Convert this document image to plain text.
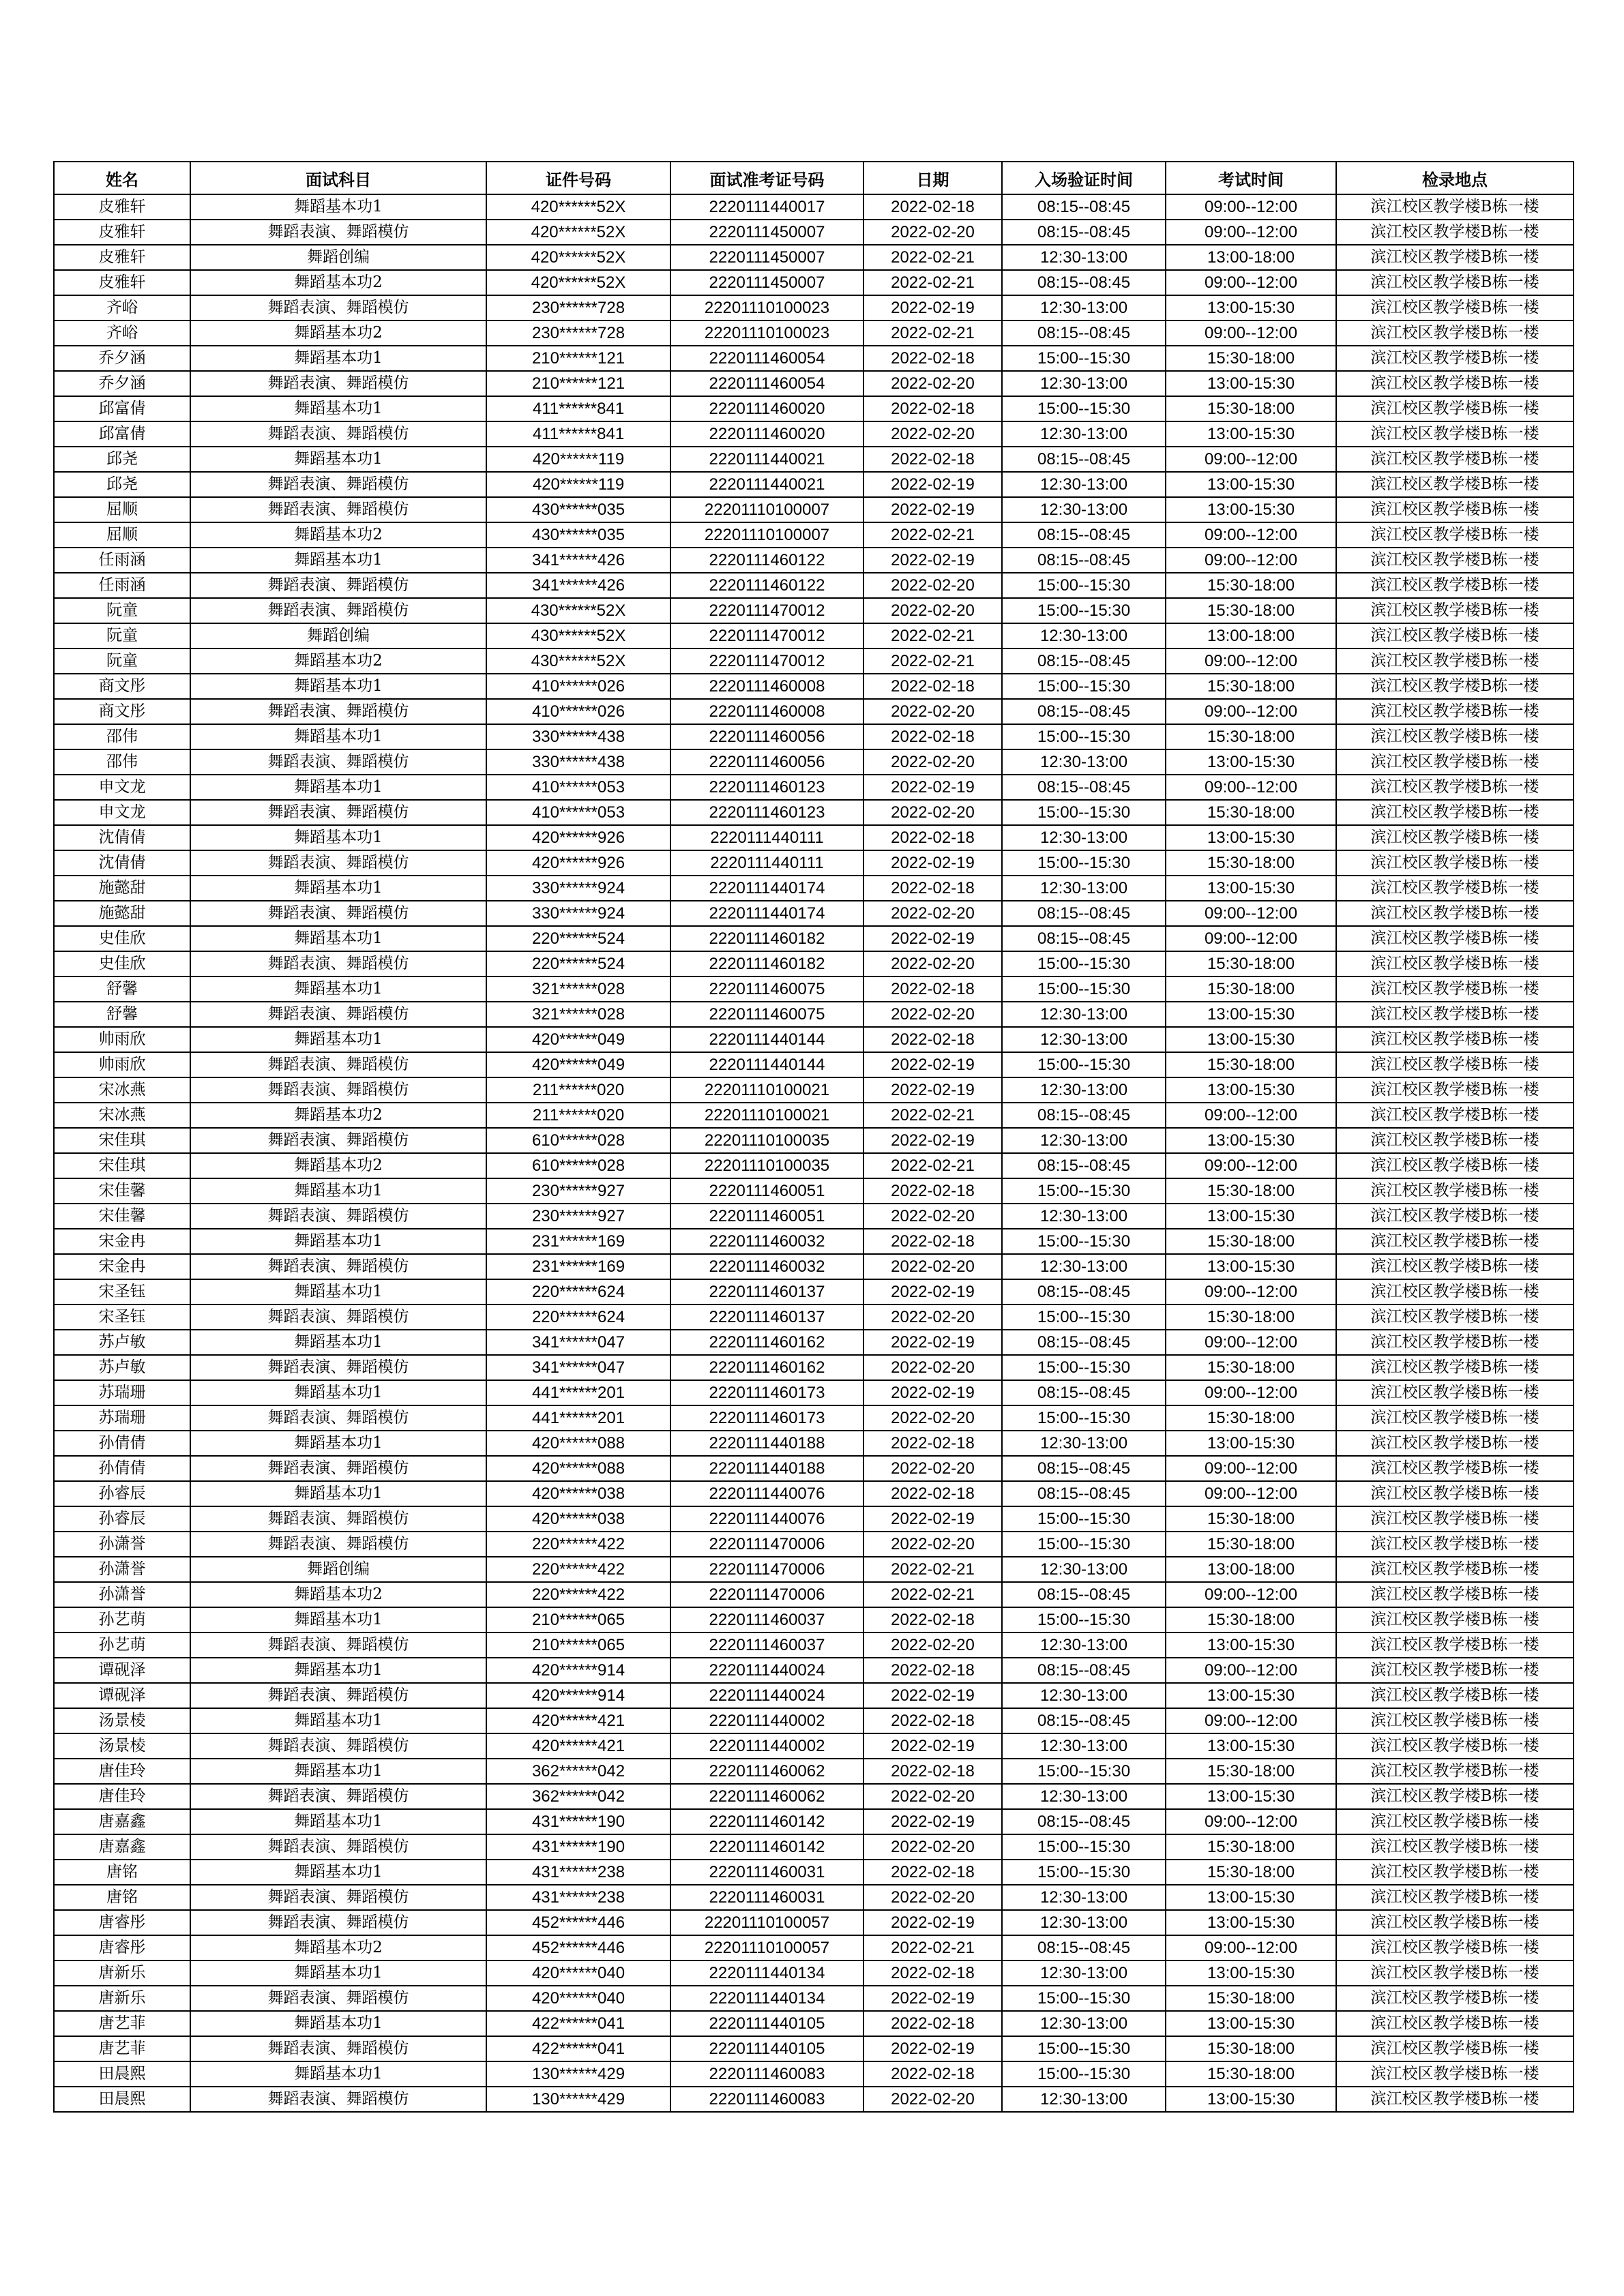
姓名	面试科目	证件号码	面试准考证号码	日期	入场验证时间	考试时间	检录地点
皮雅轩	舞蹈基本功1	420******52X	2220111440017	2022-02-18	08:15--08:45	09:00--12:00	滨江校区教学楼B栋一楼
皮雅轩	舞蹈表演、舞蹈模仿	420******52X	2220111450007	2022-02-20	08:15--08:45	09:00--12:00	滨江校区教学楼B栋一楼
皮雅轩	舞蹈创编	420******52X	2220111450007	2022-02-21	12:30-13:00	13:00-18:00	滨江校区教学楼B栋一楼
皮雅轩	舞蹈基本功2	420******52X	2220111450007	2022-02-21	08:15--08:45	09:00--12:00	滨江校区教学楼B栋一楼
齐峪	舞蹈表演、舞蹈模仿	230******728	22201110100023	2022-02-19	12:30-13:00	13:00-15:30	滨江校区教学楼B栋一楼
齐峪	舞蹈基本功2	230******728	22201110100023	2022-02-21	08:15--08:45	09:00--12:00	滨江校区教学楼B栋一楼
乔夕涵	舞蹈基本功1	210******121	2220111460054	2022-02-18	15:00--15:30	15:30-18:00	滨江校区教学楼B栋一楼
乔夕涵	舞蹈表演、舞蹈模仿	210******121	2220111460054	2022-02-20	12:30-13:00	13:00-15:30	滨江校区教学楼B栋一楼
邱富倩	舞蹈基本功1	411******841	2220111460020	2022-02-18	15:00--15:30	15:30-18:00	滨江校区教学楼B栋一楼
邱富倩	舞蹈表演、舞蹈模仿	411******841	2220111460020	2022-02-20	12:30-13:00	13:00-15:30	滨江校区教学楼B栋一楼
邱尧	舞蹈基本功1	420******119	2220111440021	2022-02-18	08:15--08:45	09:00--12:00	滨江校区教学楼B栋一楼
邱尧	舞蹈表演、舞蹈模仿	420******119	2220111440021	2022-02-19	12:30-13:00	13:00-15:30	滨江校区教学楼B栋一楼
屈顺	舞蹈表演、舞蹈模仿	430******035	22201110100007	2022-02-19	12:30-13:00	13:00-15:30	滨江校区教学楼B栋一楼
屈顺	舞蹈基本功2	430******035	22201110100007	2022-02-21	08:15--08:45	09:00--12:00	滨江校区教学楼B栋一楼
任雨涵	舞蹈基本功1	341******426	2220111460122	2022-02-19	08:15--08:45	09:00--12:00	滨江校区教学楼B栋一楼
任雨涵	舞蹈表演、舞蹈模仿	341******426	2220111460122	2022-02-20	15:00--15:30	15:30-18:00	滨江校区教学楼B栋一楼
阮童	舞蹈表演、舞蹈模仿	430******52X	2220111470012	2022-02-20	15:00--15:30	15:30-18:00	滨江校区教学楼B栋一楼
阮童	舞蹈创编	430******52X	2220111470012	2022-02-21	12:30-13:00	13:00-18:00	滨江校区教学楼B栋一楼
阮童	舞蹈基本功2	430******52X	2220111470012	2022-02-21	08:15--08:45	09:00--12:00	滨江校区教学楼B栋一楼
商文彤	舞蹈基本功1	410******026	2220111460008	2022-02-18	15:00--15:30	15:30-18:00	滨江校区教学楼B栋一楼
商文彤	舞蹈表演、舞蹈模仿	410******026	2220111460008	2022-02-20	08:15--08:45	09:00--12:00	滨江校区教学楼B栋一楼
邵伟	舞蹈基本功1	330******438	2220111460056	2022-02-18	15:00--15:30	15:30-18:00	滨江校区教学楼B栋一楼
邵伟	舞蹈表演、舞蹈模仿	330******438	2220111460056	2022-02-20	12:30-13:00	13:00-15:30	滨江校区教学楼B栋一楼
申文龙	舞蹈基本功1	410******053	2220111460123	2022-02-19	08:15--08:45	09:00--12:00	滨江校区教学楼B栋一楼
申文龙	舞蹈表演、舞蹈模仿	410******053	2220111460123	2022-02-20	15:00--15:30	15:30-18:00	滨江校区教学楼B栋一楼
沈倩倩	舞蹈基本功1	420******926	2220111440111	2022-02-18	12:30-13:00	13:00-15:30	滨江校区教学楼B栋一楼
沈倩倩	舞蹈表演、舞蹈模仿	420******926	2220111440111	2022-02-19	15:00--15:30	15:30-18:00	滨江校区教学楼B栋一楼
施懿甜	舞蹈基本功1	330******924	2220111440174	2022-02-18	12:30-13:00	13:00-15:30	滨江校区教学楼B栋一楼
施懿甜	舞蹈表演、舞蹈模仿	330******924	2220111440174	2022-02-20	08:15--08:45	09:00--12:00	滨江校区教学楼B栋一楼
史佳欣	舞蹈基本功1	220******524	2220111460182	2022-02-19	08:15--08:45	09:00--12:00	滨江校区教学楼B栋一楼
史佳欣	舞蹈表演、舞蹈模仿	220******524	2220111460182	2022-02-20	15:00--15:30	15:30-18:00	滨江校区教学楼B栋一楼
舒馨	舞蹈基本功1	321******028	2220111460075	2022-02-18	15:00--15:30	15:30-18:00	滨江校区教学楼B栋一楼
舒馨	舞蹈表演、舞蹈模仿	321******028	2220111460075	2022-02-20	12:30-13:00	13:00-15:30	滨江校区教学楼B栋一楼
帅雨欣	舞蹈基本功1	420******049	2220111440144	2022-02-18	12:30-13:00	13:00-15:30	滨江校区教学楼B栋一楼
帅雨欣	舞蹈表演、舞蹈模仿	420******049	2220111440144	2022-02-19	15:00--15:30	15:30-18:00	滨江校区教学楼B栋一楼
宋冰燕	舞蹈表演、舞蹈模仿	211******020	22201110100021	2022-02-19	12:30-13:00	13:00-15:30	滨江校区教学楼B栋一楼
宋冰燕	舞蹈基本功2	211******020	22201110100021	2022-02-21	08:15--08:45	09:00--12:00	滨江校区教学楼B栋一楼
宋佳琪	舞蹈表演、舞蹈模仿	610******028	22201110100035	2022-02-19	12:30-13:00	13:00-15:30	滨江校区教学楼B栋一楼
宋佳琪	舞蹈基本功2	610******028	22201110100035	2022-02-21	08:15--08:45	09:00--12:00	滨江校区教学楼B栋一楼
宋佳馨	舞蹈基本功1	230******927	2220111460051	2022-02-18	15:00--15:30	15:30-18:00	滨江校区教学楼B栋一楼
宋佳馨	舞蹈表演、舞蹈模仿	230******927	2220111460051	2022-02-20	12:30-13:00	13:00-15:30	滨江校区教学楼B栋一楼
宋金冉	舞蹈基本功1	231******169	2220111460032	2022-02-18	15:00--15:30	15:30-18:00	滨江校区教学楼B栋一楼
宋金冉	舞蹈表演、舞蹈模仿	231******169	2220111460032	2022-02-20	12:30-13:00	13:00-15:30	滨江校区教学楼B栋一楼
宋圣钰	舞蹈基本功1	220******624	2220111460137	2022-02-19	08:15--08:45	09:00--12:00	滨江校区教学楼B栋一楼
宋圣钰	舞蹈表演、舞蹈模仿	220******624	2220111460137	2022-02-20	15:00--15:30	15:30-18:00	滨江校区教学楼B栋一楼
苏卢敏	舞蹈基本功1	341******047	2220111460162	2022-02-19	08:15--08:45	09:00--12:00	滨江校区教学楼B栋一楼
苏卢敏	舞蹈表演、舞蹈模仿	341******047	2220111460162	2022-02-20	15:00--15:30	15:30-18:00	滨江校区教学楼B栋一楼
苏瑞珊	舞蹈基本功1	441******201	2220111460173	2022-02-19	08:15--08:45	09:00--12:00	滨江校区教学楼B栋一楼
苏瑞珊	舞蹈表演、舞蹈模仿	441******201	2220111460173	2022-02-20	15:00--15:30	15:30-18:00	滨江校区教学楼B栋一楼
孙倩倩	舞蹈基本功1	420******088	2220111440188	2022-02-18	12:30-13:00	13:00-15:30	滨江校区教学楼B栋一楼
孙倩倩	舞蹈表演、舞蹈模仿	420******088	2220111440188	2022-02-20	08:15--08:45	09:00--12:00	滨江校区教学楼B栋一楼
孙睿辰	舞蹈基本功1	420******038	2220111440076	2022-02-18	08:15--08:45	09:00--12:00	滨江校区教学楼B栋一楼
孙睿辰	舞蹈表演、舞蹈模仿	420******038	2220111440076	2022-02-19	15:00--15:30	15:30-18:00	滨江校区教学楼B栋一楼
孙潇誉	舞蹈表演、舞蹈模仿	220******422	2220111470006	2022-02-20	15:00--15:30	15:30-18:00	滨江校区教学楼B栋一楼
孙潇誉	舞蹈创编	220******422	2220111470006	2022-02-21	12:30-13:00	13:00-18:00	滨江校区教学楼B栋一楼
孙潇誉	舞蹈基本功2	220******422	2220111470006	2022-02-21	08:15--08:45	09:00--12:00	滨江校区教学楼B栋一楼
孙艺萌	舞蹈基本功1	210******065	2220111460037	2022-02-18	15:00--15:30	15:30-18:00	滨江校区教学楼B栋一楼
孙艺萌	舞蹈表演、舞蹈模仿	210******065	2220111460037	2022-02-20	12:30-13:00	13:00-15:30	滨江校区教学楼B栋一楼
谭砚泽	舞蹈基本功1	420******914	2220111440024	2022-02-18	08:15--08:45	09:00--12:00	滨江校区教学楼B栋一楼
谭砚泽	舞蹈表演、舞蹈模仿	420******914	2220111440024	2022-02-19	12:30-13:00	13:00-15:30	滨江校区教学楼B栋一楼
汤景棱	舞蹈基本功1	420******421	2220111440002	2022-02-18	08:15--08:45	09:00--12:00	滨江校区教学楼B栋一楼
汤景棱	舞蹈表演、舞蹈模仿	420******421	2220111440002	2022-02-19	12:30-13:00	13:00-15:30	滨江校区教学楼B栋一楼
唐佳玲	舞蹈基本功1	362******042	2220111460062	2022-02-18	15:00--15:30	15:30-18:00	滨江校区教学楼B栋一楼
唐佳玲	舞蹈表演、舞蹈模仿	362******042	2220111460062	2022-02-20	12:30-13:00	13:00-15:30	滨江校区教学楼B栋一楼
唐嘉鑫	舞蹈基本功1	431******190	2220111460142	2022-02-19	08:15--08:45	09:00--12:00	滨江校区教学楼B栋一楼
唐嘉鑫	舞蹈表演、舞蹈模仿	431******190	2220111460142	2022-02-20	15:00--15:30	15:30-18:00	滨江校区教学楼B栋一楼
唐铭	舞蹈基本功1	431******238	2220111460031	2022-02-18	15:00--15:30	15:30-18:00	滨江校区教学楼B栋一楼
唐铭	舞蹈表演、舞蹈模仿	431******238	2220111460031	2022-02-20	12:30-13:00	13:00-15:30	滨江校区教学楼B栋一楼
唐睿彤	舞蹈表演、舞蹈模仿	452******446	22201110100057	2022-02-19	12:30-13:00	13:00-15:30	滨江校区教学楼B栋一楼
唐睿彤	舞蹈基本功2	452******446	22201110100057	2022-02-21	08:15--08:45	09:00--12:00	滨江校区教学楼B栋一楼
唐新乐	舞蹈基本功1	420******040	2220111440134	2022-02-18	12:30-13:00	13:00-15:30	滨江校区教学楼B栋一楼
唐新乐	舞蹈表演、舞蹈模仿	420******040	2220111440134	2022-02-19	15:00--15:30	15:30-18:00	滨江校区教学楼B栋一楼
唐艺菲	舞蹈基本功1	422******041	2220111440105	2022-02-18	12:30-13:00	13:00-15:30	滨江校区教学楼B栋一楼
唐艺菲	舞蹈表演、舞蹈模仿	422******041	2220111440105	2022-02-19	15:00--15:30	15:30-18:00	滨江校区教学楼B栋一楼
田晨熙	舞蹈基本功1	130******429	2220111460083	2022-02-18	15:00--15:30	15:30-18:00	滨江校区教学楼B栋一楼
田晨熙	舞蹈表演、舞蹈模仿	130******429	2220111460083	2022-02-20	12:30-13:00	13:00-15:30	滨江校区教学楼B栋一楼
